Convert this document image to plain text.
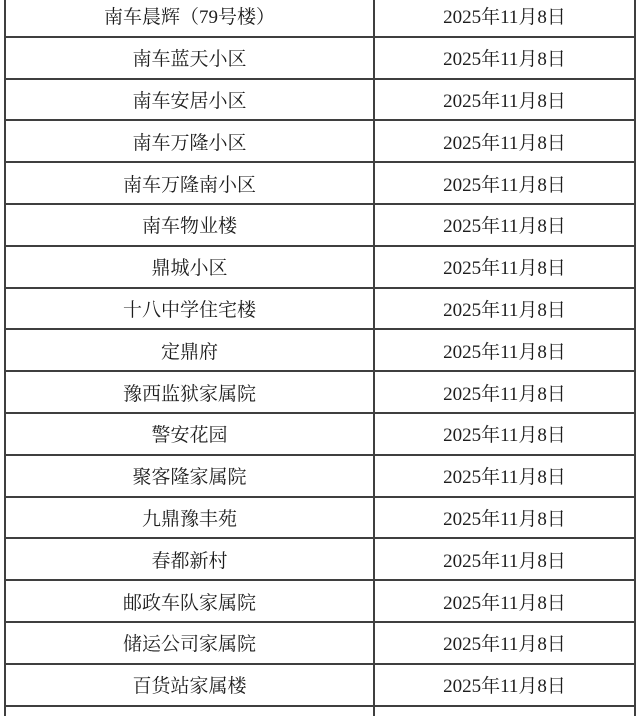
南车晨辉（79号楼）	2025年11月8日
南车蓝天小区	2025年11月8日
南车安居小区	2025年11月8日
南车万隆小区	2025年11月8日
南车万隆南小区	2025年11月8日
南车物业楼	2025年11月8日
鼎城小区	2025年11月8日
十八中学住宅楼	2025年11月8日
定鼎府	2025年11月8日
豫西监狱家属院	2025年11月8日
警安花园	2025年11月8日
聚客隆家属院	2025年11月8日
九鼎豫丰苑	2025年11月8日
春都新村	2025年11月8日
邮政车队家属院	2025年11月8日
储运公司家属院	2025年11月8日
百货站家属楼	2025年11月8日
